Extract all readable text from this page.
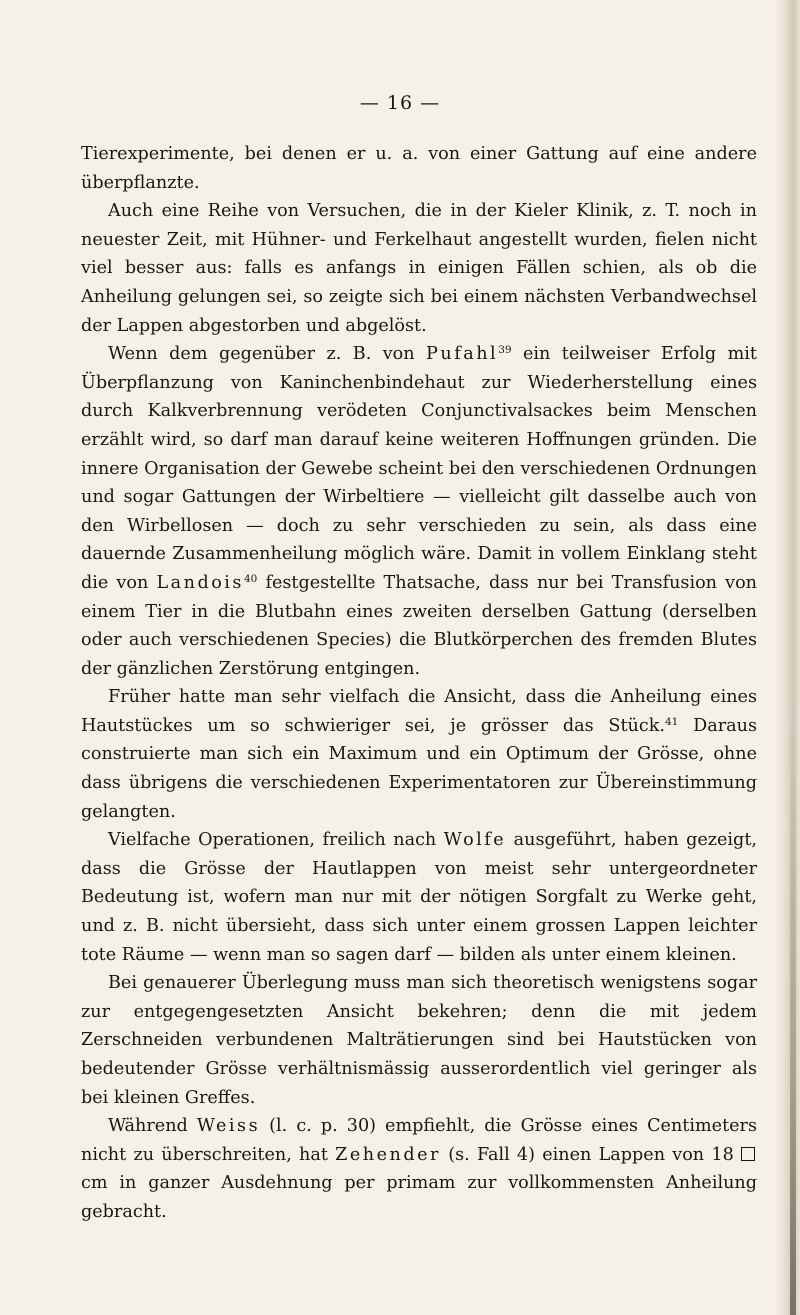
— 16 —

Tierexperimente, bei denen er u. a. von einer Gattung auf eine andere überpflanzte.

Auch eine Reihe von Versuchen, die in der Kieler Klinik, z. T. noch in neuester Zeit, mit Hühner- und Ferkelhaut angestellt wurden, fielen nicht viel besser aus: falls es anfangs in einigen Fällen schien, als ob die Anheilung gelungen sei, so zeigte sich bei einem nächsten Verbandwechsel der Lappen abgestorben und abgelöst.

Wenn dem gegenüber z. B. von Pufahl$^{39}$ ein teilweiser Erfolg mit Überpflanzung von Kaninchenbindehaut zur Wiederherstellung eines durch Kalkverbrennung verödeten Conjunctivalsackes beim Menschen erzählt wird, so darf man darauf keine weiteren Hoffnungen gründen. Die innere Organisation der Gewebe scheint bei den verschiedenen Ordnungen und sogar Gattungen der Wirbeltiere — vielleicht gilt dasselbe auch von den Wirbellosen — doch zu sehr verschieden zu sein, als dass eine dauernde Zusammenheilung möglich wäre. Damit in vollem Einklang steht die von Landois$^{40}$ festgestellte Thatsache, dass nur bei Transfusion von einem Tier in die Blutbahn eines zweiten derselben Gattung (derselben oder auch verschiedenen Species) die Blutkörperchen des fremden Blutes der gänzlichen Zerstörung entgingen.

Früher hatte man sehr vielfach die Ansicht, dass die Anheilung eines Hautstückes um so schwieriger sei, je grösser das Stück.$^{41}$ Daraus construierte man sich ein Maximum und ein Optimum der Grösse, ohne dass übrigens die verschiedenen Experimentatoren zur Übereinstimmung gelangten.

Vielfache Operationen, freilich nach Wolfe ausgeführt, haben gezeigt, dass die Grösse der Hautlappen von meist sehr untergeordneter Bedeutung ist, wofern man nur mit der nötigen Sorgfalt zu Werke geht, und z. B. nicht übersieht, dass sich unter einem grossen Lappen leichter tote Räume — wenn man so sagen darf — bilden als unter einem kleinen.

Bei genauerer Überlegung muss man sich theoretisch wenigstens sogar zur entgegengesetzten Ansicht bekehren; denn die mit jedem Zerschneiden verbundenen Malträtierungen sind bei Hautstücken von bedeutender Grösse verhältnismässig ausserordentlich viel geringer als bei kleinen Greffes.

Während Weiss (l. c. p. 30) empfiehlt, die Grösse eines Centimeters nicht zu überschreiten, hat Zehender (s. Fall 4) einen Lappen von 18 cm in ganzer Ausdehnung per primam zur vollkommensten Anheilung gebracht.
